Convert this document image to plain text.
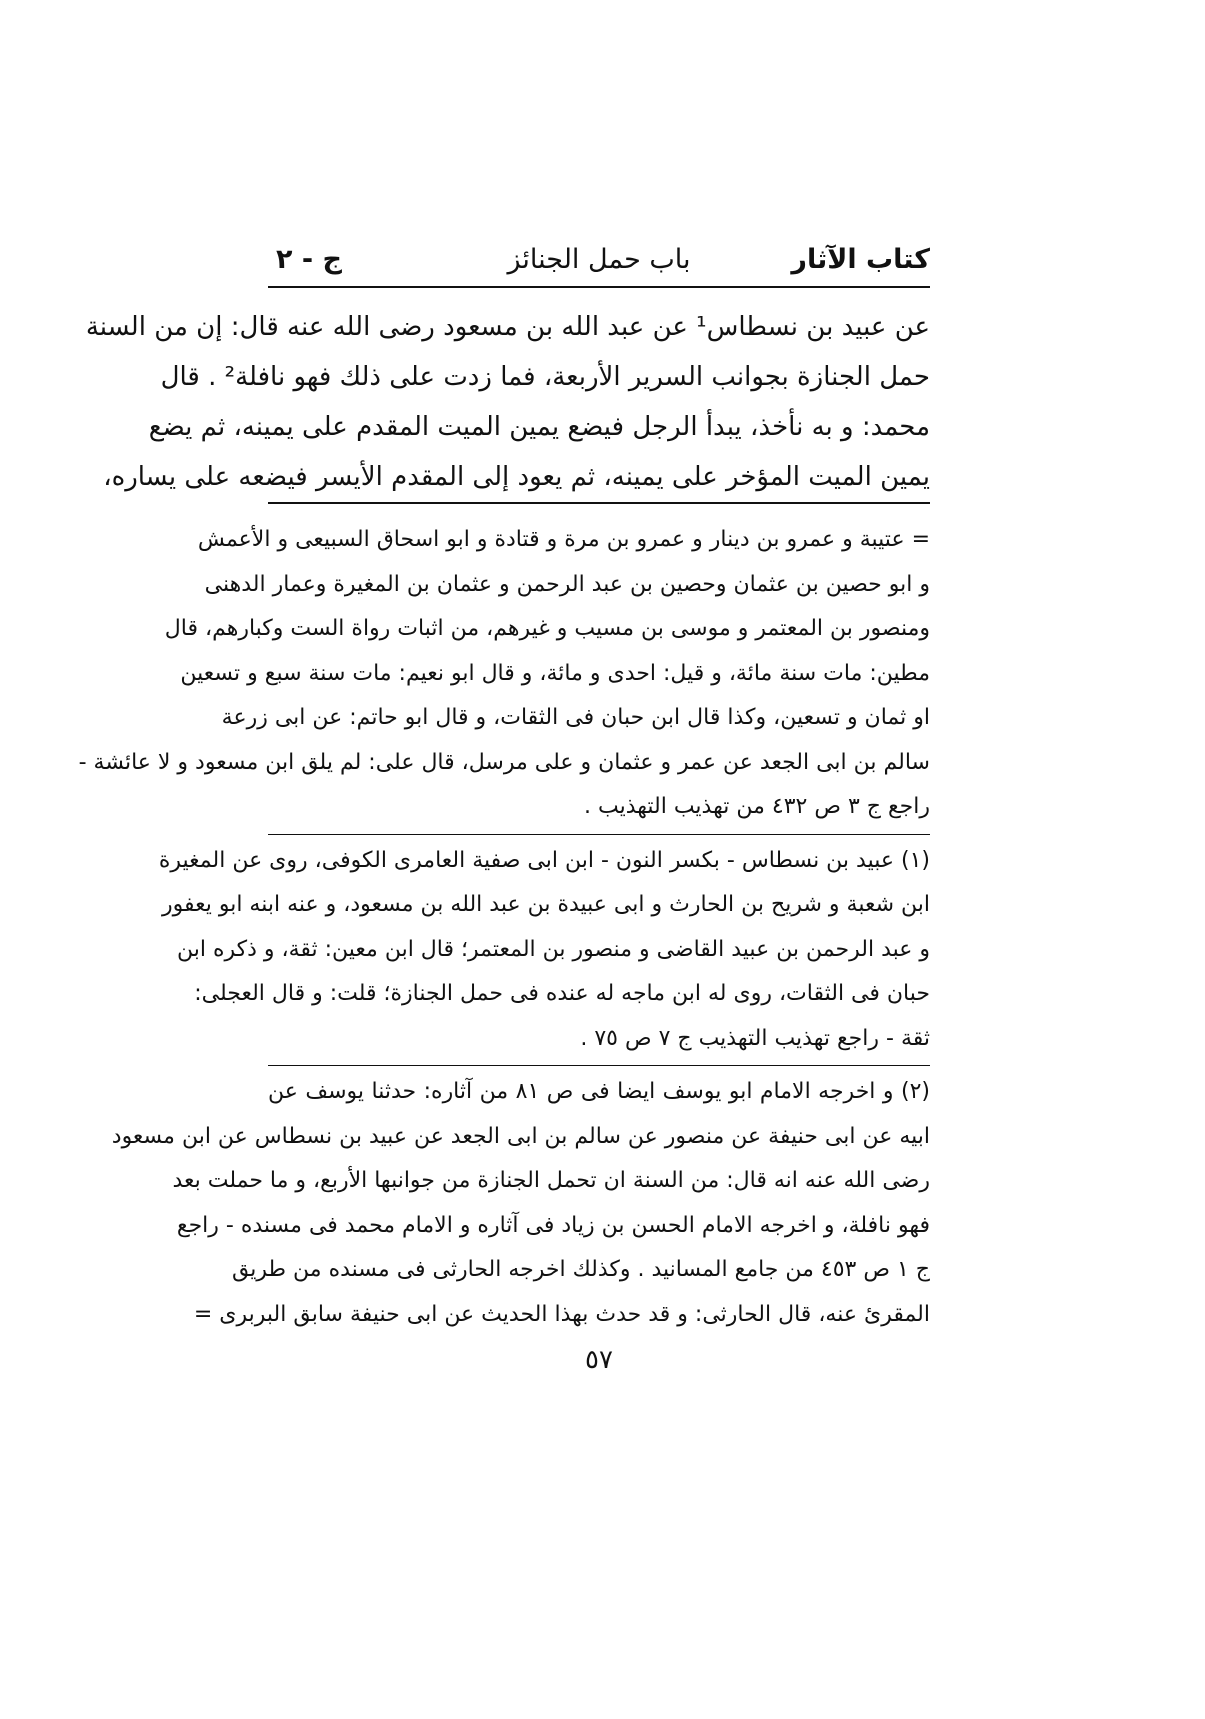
كتاب الآثار
باب حمل الجنائز
ج - ٢
عن عبيد بن نسطاس¹ عن عبد الله بن مسعود رضى الله عنه قال: إن من السنة
حمل الجنازة بجوانب السرير الأربعة، فما زدت على ذلك فهو نافلة² . قال
محمد: و به نأخذ، يبدأ الرجل فيضع يمين الميت المقدم على يمينه، ثم يضع
يمين الميت المؤخر على يمينه، ثم يعود إلى المقدم الأيسر فيضعه على يساره،
= عتيبة و عمرو بن دينار و عمرو بن مرة و قتادة و ابو اسحاق السبيعى و الأعمش
و ابو حصين بن عثمان وحصين بن عبد الرحمن و عثمان بن المغيرة وعمار الدهنى
ومنصور بن المعتمر و موسى بن مسيب و غيرهم، من اثبات رواة الست وكبارهم، قال
مطين: مات سنة مائة، و قيل: احدى و مائة، و قال ابو نعيم: مات سنة سبع و تسعين
او ثمان و تسعين، وكذا قال ابن حبان فى الثقات، و قال ابو حاتم: عن ابى زرعة
سالم بن ابى الجعد عن عمر و عثمان و على مرسل، قال على: لم يلق ابن مسعود و لا عائشة -
راجع ج ٣ ص ٤٣٢ من تهذيب التهذيب .
(١) عبيد بن نسطاس - بكسر النون - ابن ابى صفية العامرى الكوفى، روى عن المغيرة
ابن شعبة و شريح بن الحارث و ابى عبيدة بن عبد الله بن مسعود، و عنه ابنه ابو يعفور
و عبد الرحمن بن عبيد القاضى و منصور بن المعتمر؛ قال ابن معين: ثقة، و ذكره ابن
حبان فى الثقات، روى له ابن ماجه له عنده فى حمل الجنازة؛ قلت: و قال العجلى:
ثقة - راجع تهذيب التهذيب ج ٧ ص ٧٥ .
(٢) و اخرجه الامام ابو يوسف ايضا فى ص ٨١ من آثاره: حدثنا يوسف عن
ابيه عن ابى حنيفة عن منصور عن سالم بن ابى الجعد عن عبيد بن نسطاس عن ابن مسعود
رضى الله عنه انه قال: من السنة ان تحمل الجنازة من جوانبها الأربع، و ما حملت بعد
فهو نافلة، و اخرجه الامام الحسن بن زياد فى آثاره و الامام محمد فى مسنده - راجع
ج ١ ص ٤٥٣ من جامع المسانيد . وكذلك اخرجه الحارثى فى مسنده من طريق
المقرئ عنه، قال الحارثى: و قد حدث بهذا الحديث عن ابى حنيفة سابق البربرى =
٥٧
